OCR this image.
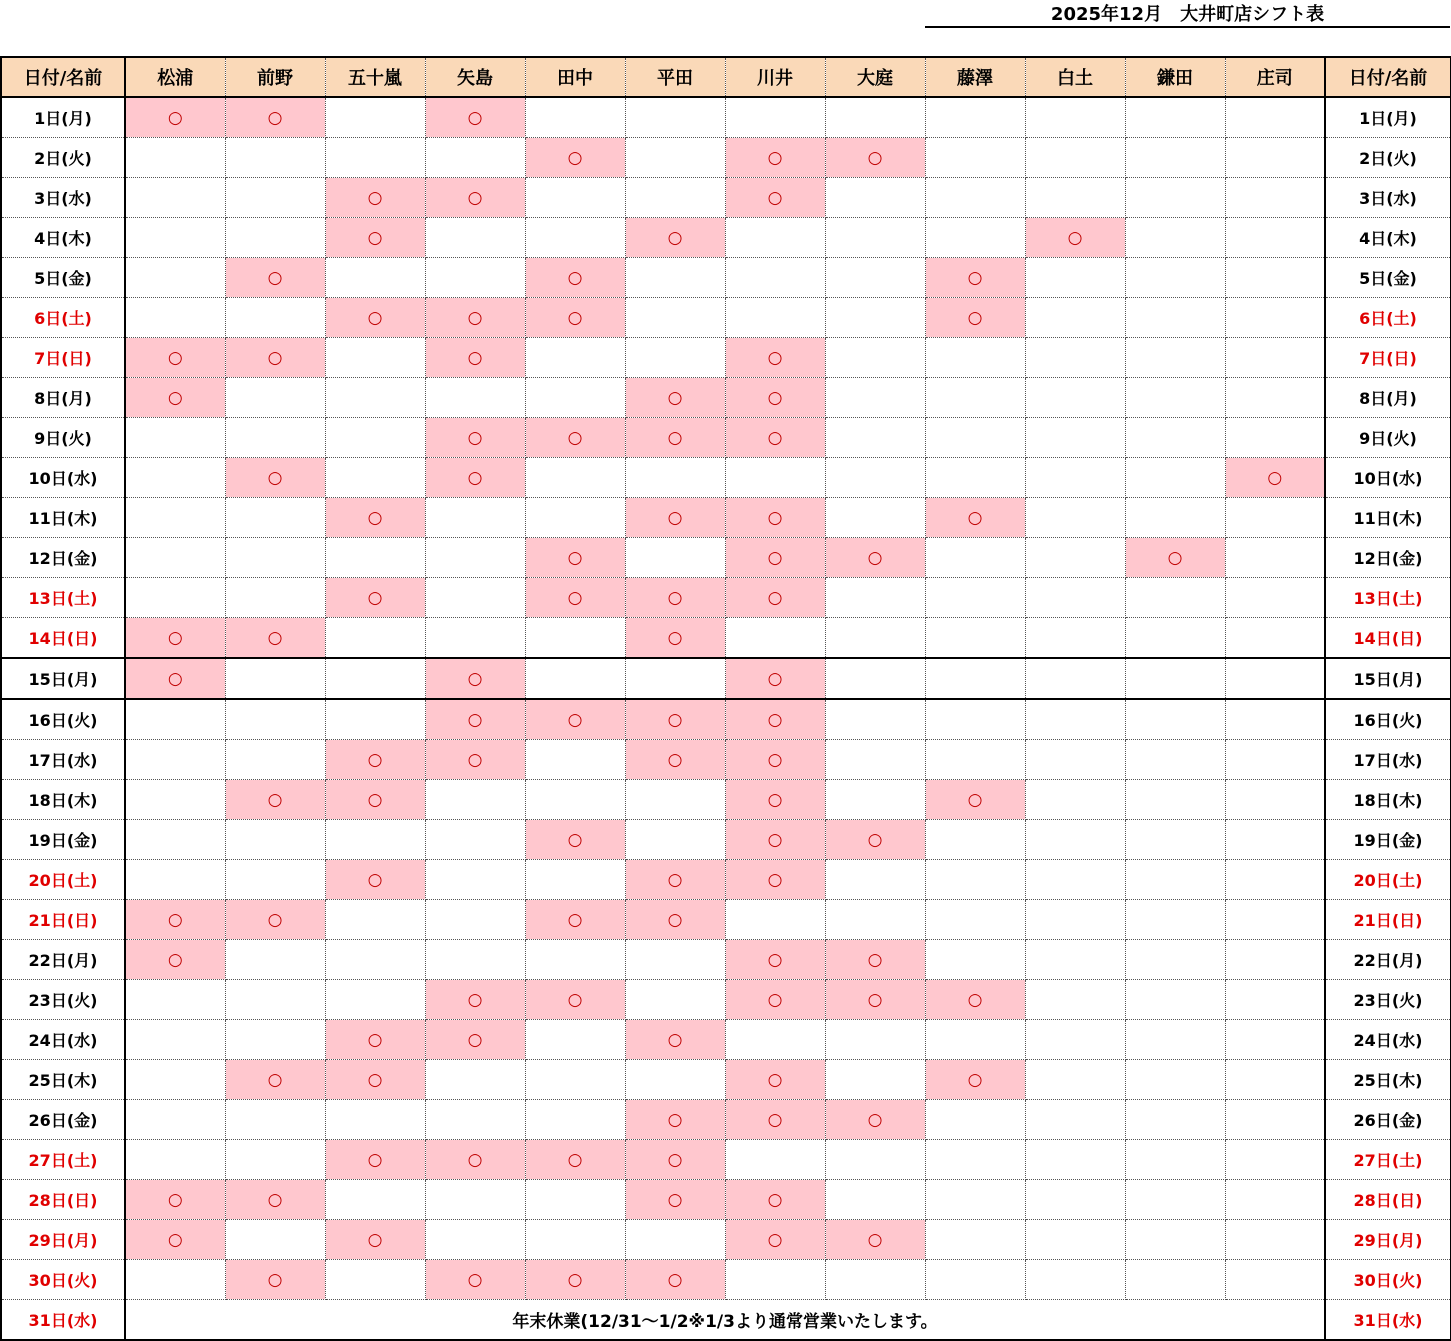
2025年12月　大井町店シフト表
日付/名前	松浦	前野	五十嵐	矢島	田中	平田	川井	大庭	藤澤	白土	鎌田	庄司	日付/名前
1日(月)	○	○		○									1日(月)
2日(火)					○		○	○					2日(火)
3日(水)			○	○			○						3日(水)
4日(木)			○			○				○			4日(木)
5日(金)		○			○				○				5日(金)
6日(土)			○	○	○				○				6日(土)
7日(日)	○	○		○			○						7日(日)
8日(月)	○					○	○						8日(月)
9日(火)				○	○	○	○						9日(火)
10日(水)		○		○								○	10日(水)
11日(木)			○			○	○		○				11日(木)
12日(金)					○		○	○			○		12日(金)
13日(土)			○		○	○	○						13日(土)
14日(日)	○	○				○							14日(日)
15日(月)	○			○			○						15日(月)
16日(火)				○	○	○	○						16日(火)
17日(水)			○	○		○	○						17日(水)
18日(木)		○	○				○		○				18日(木)
19日(金)					○		○	○					19日(金)
20日(土)			○			○	○						20日(土)
21日(日)	○	○			○	○							21日(日)
22日(月)	○						○	○					22日(月)
23日(火)				○	○		○	○	○				23日(火)
24日(水)			○	○		○							24日(水)
25日(木)		○	○				○		○				25日(木)
26日(金)						○	○	○					26日(金)
27日(土)			○	○	○	○							27日(土)
28日(日)	○	○				○	○						28日(日)
29日(月)	○		○				○	○					29日(月)
30日(火)		○		○	○	○							30日(火)
31日(水)	年末休業(12/31～1/2※1/3より通常営業いたします。												31日(水)
